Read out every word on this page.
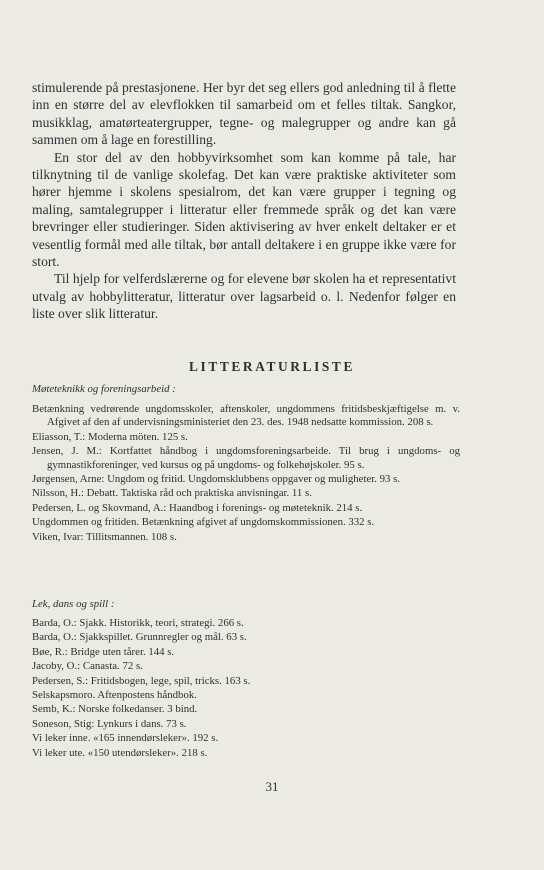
stimulerende på prestasjonene. Her byr det seg ellers god anledning til å flette inn en større del av elevflokken til samarbeid om et felles tiltak. Sangkor, musikklag, amatørteatergrupper, tegne- og malegrupper og andre kan gå sammen om å lage en forestilling.

En stor del av den hobbyvirksomhet som kan komme på tale, har tilknytning til de vanlige skolefag. Det kan være praktiske aktiviteter som hører hjemme i skolens spesialrom, det kan være grupper i tegning og maling, samtalegrupper i litteratur eller fremmede språk og det kan være brevringer eller studieringer. Siden aktivisering av hver enkelt deltaker er et vesentlig formål med alle tiltak, bør antall deltakere i en gruppe ikke være for stort.

Til hjelp for velferdslærerne og for elevene bør skolen ha et representativt utvalg av hobbylitteratur, litteratur over lagsarbeid o. l. Nedenfor følger en liste over slik litteratur.

LITTERATURLISTE

Møteteknikk og foreningsarbeid :

Betænkning vedrørende ungdomsskoler, aftenskoler, ungdommens fritidsbeskjæftigelse m. v. Afgivet af den af undervisningsministeriet den 23. des. 1948 nedsatte kommission. 208 s.

Eliasson, T.: Moderna möten. 125 s.

Jensen, J. M.: Kortfattet håndbog i ungdomsforeningsarbeide. Til brug i ungdoms- og gymnastikforeninger, ved kursus og på ungdoms- og folkehøjskoler. 95 s.

Jørgensen, Arne: Ungdom og fritid. Ungdomsklubbens oppgaver og muligheter. 93 s.

Nilsson, H.: Debatt. Taktiska råd och praktiska anvisningar. 11 s.

Pedersen, L. og Skovmand, A.: Haandbog i forenings- og møteteknik. 214 s.

Ungdommen og fritiden. Betænkning afgivet af ungdomskommissionen. 332 s.

Viken, Ivar: Tillitsmannen. 108 s.

Lek, dans og spill :

Barda, O.: Sjakk. Historikk, teori, strategi. 266 s.

Barda, O.: Sjakkspillet. Grunnregler og mål. 63 s.

Bøe, R.: Bridge uten tårer. 144 s.

Jacoby, O.: Canasta. 72 s.

Pedersen, S.: Fritidsbogen, lege, spil, tricks. 163 s.

Selskapsmoro. Aftenpostens håndbok.

Semb, K.: Norske folkedanser. 3 bind.

Soneson, Stig: Lynkurs i dans. 73 s.

Vi leker inne. «165 innendørsleker». 192 s.

Vi leker ute. «150 utendørsleker». 218 s.

31
